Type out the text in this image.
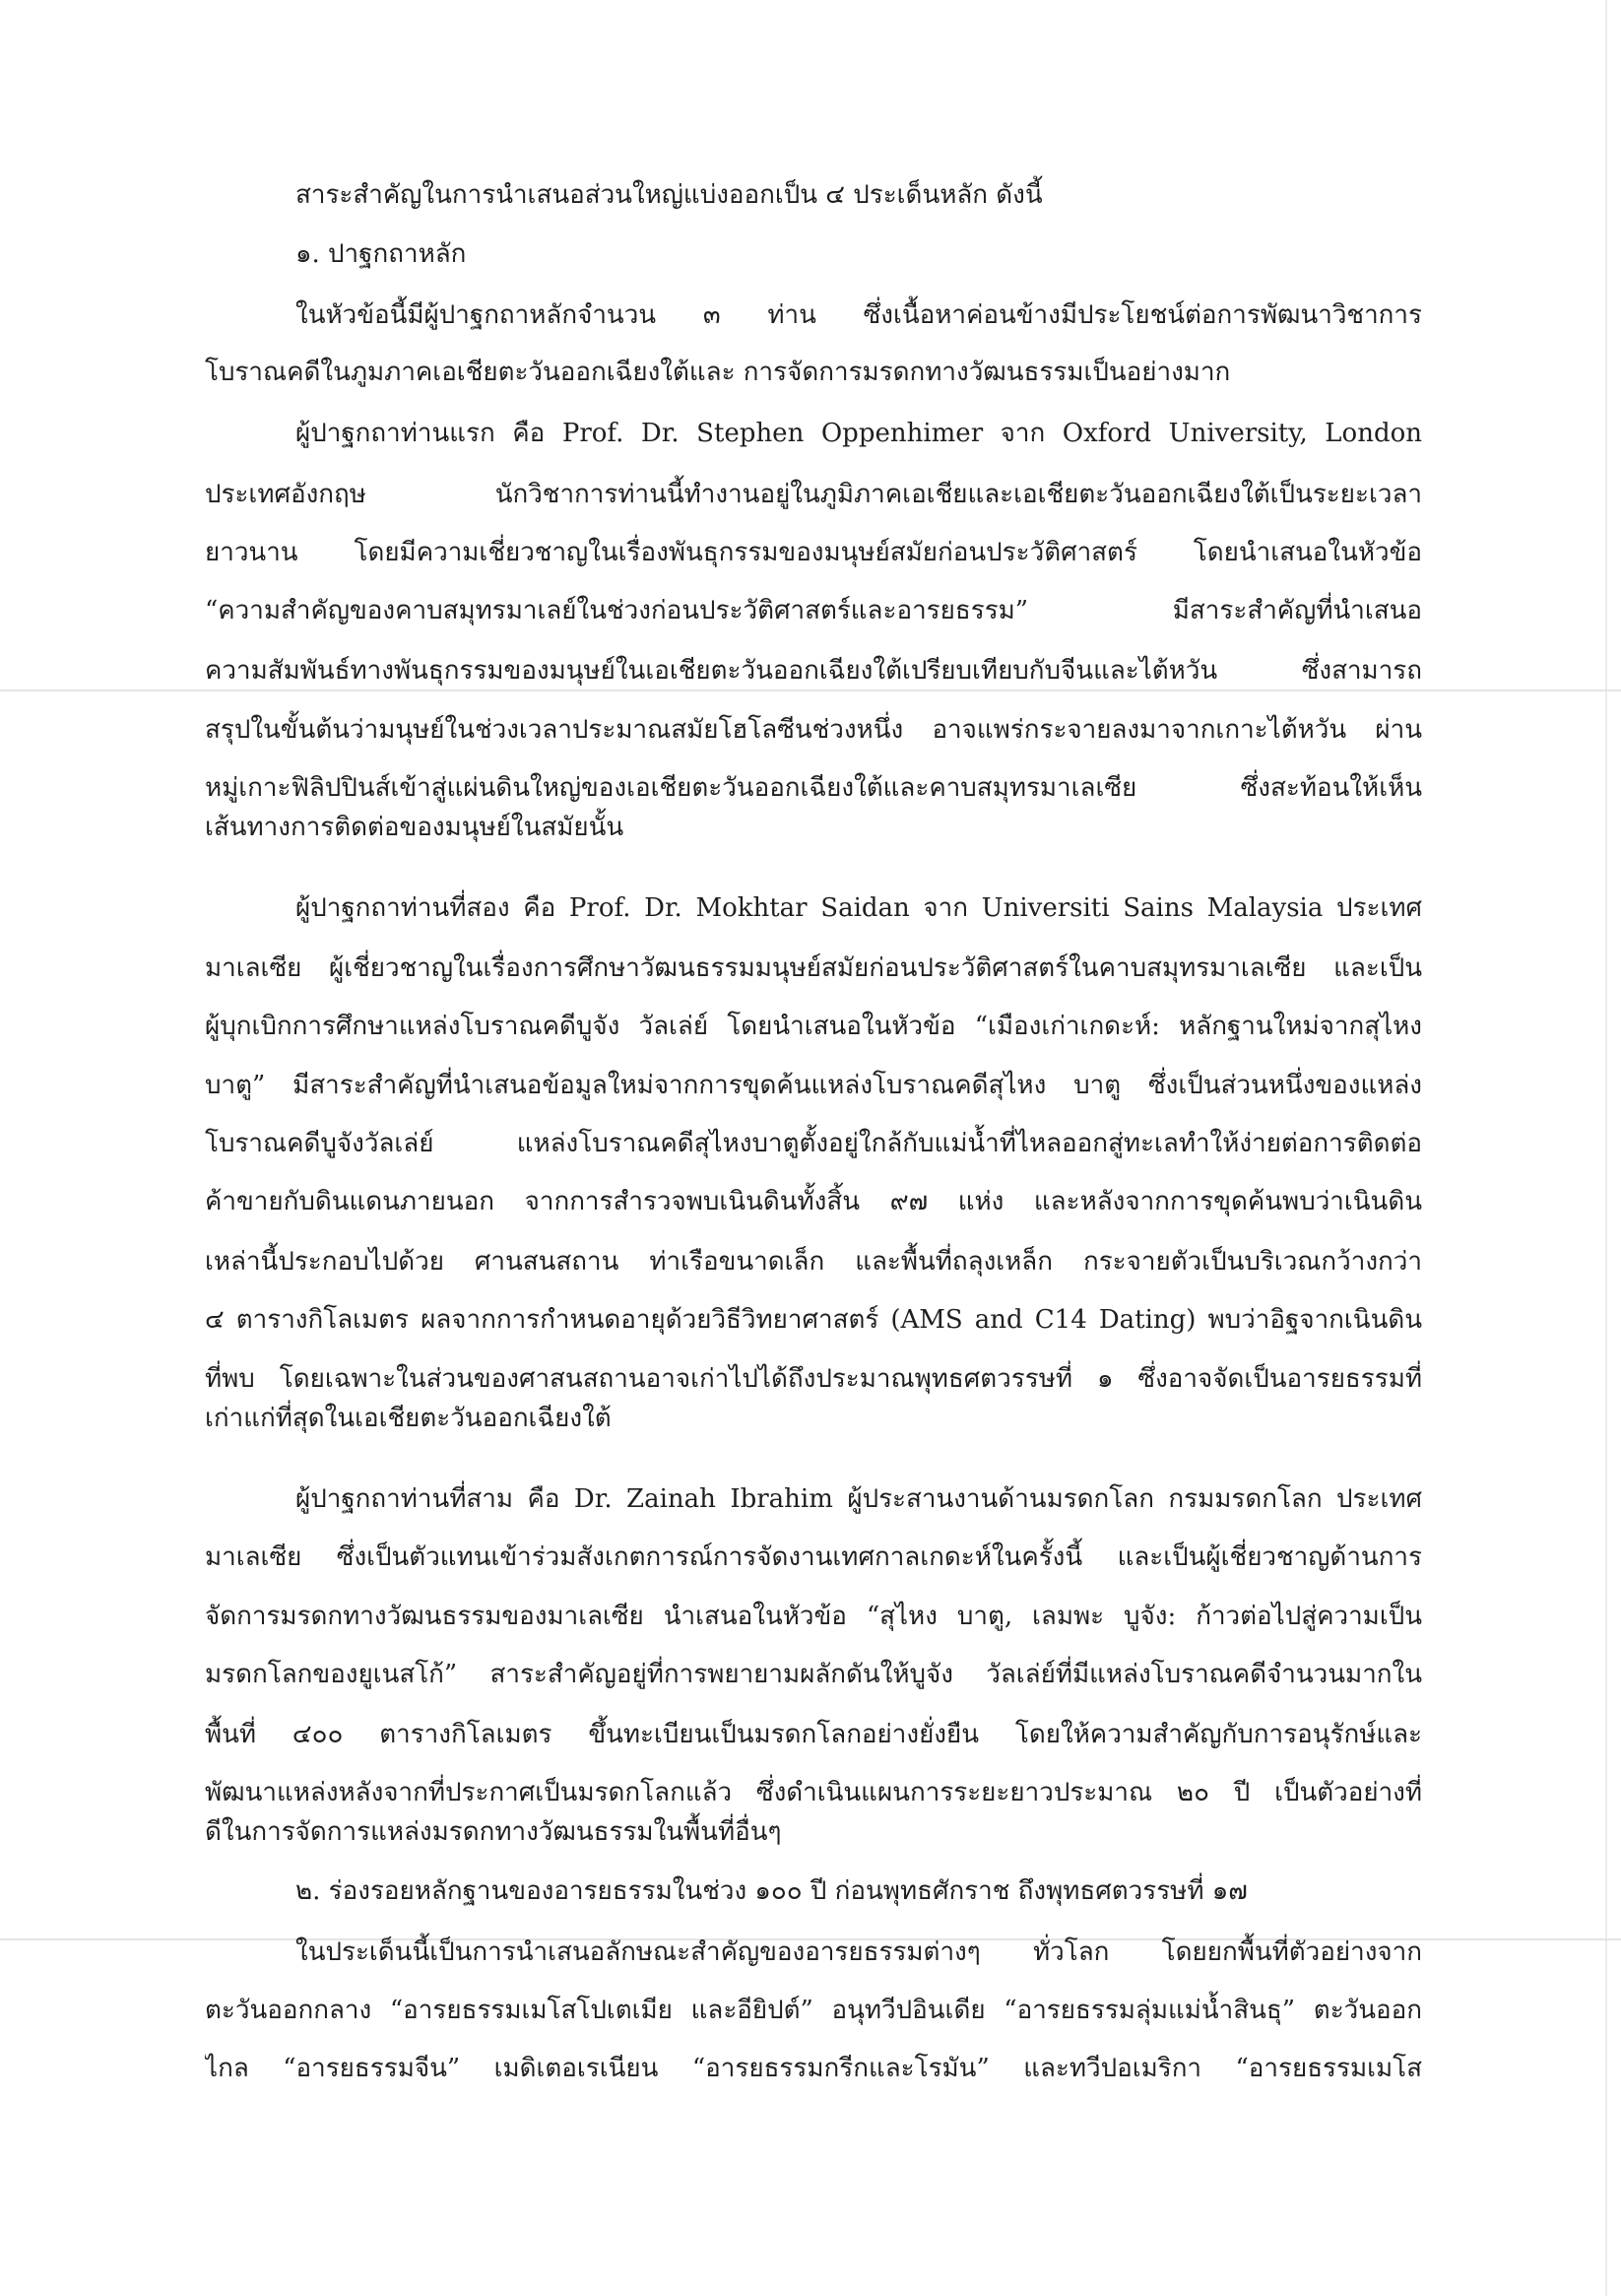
สาระสำคัญในการนำเสนอส่วนใหญ่แบ่งออกเป็น ๔ ประเด็นหลัก ดังนี้
๑. ปาฐกถาหลัก
ในหัวข้อนี้มีผู้ปาฐกถาหลักจำนวน ๓ ท่าน ซึ่งเนื้อหาค่อนข้างมีประโยชน์ต่อการพัฒนาวิชาการ
โบราณคดีในภูมภาคเอเชียตะวันออกเฉียงใต้และ การจัดการมรดกทางวัฒนธรรมเป็นอย่างมาก
ผู้ปาฐกถาท่านแรก คือ Prof. Dr. Stephen Oppenhimer จาก Oxford University, London
ประเทศอังกฤษ นักวิชาการท่านนี้ทำงานอยู่ในภูมิภาคเอเชียและเอเชียตะวันออกเฉียงใต้เป็นระยะเวลา
ยาวนาน โดยมีความเชี่ยวชาญในเรื่องพันธุกรรมของมนุษย์สมัยก่อนประวัติศาสตร์ โดยนำเสนอในหัวข้อ
“ความสำคัญของคาบสมุทรมาเลย์ในช่วงก่อนประวัติศาสตร์และอารยธรรม” มีสาระสำคัญที่นำเสนอ
ความสัมพันธ์ทางพันธุกรรมของมนุษย์ในเอเชียตะวันออกเฉียงใต้เปรียบเทียบกับจีนและไต้หวัน ซึ่งสามารถ
สรุปในขั้นต้นว่ามนุษย์ในช่วงเวลาประมาณสมัยโฮโลซีนช่วงหนึ่ง อาจแพร่กระจายลงมาจากเกาะไต้หวัน ผ่าน
หมู่เกาะฟิลิปปินส์เข้าสู่แผ่นดินใหญ่ของเอเชียตะวันออกเฉียงใต้และคาบสมุทรมาเลเซีย ซึ่งสะท้อนให้เห็น
เส้นทางการติดต่อของมนุษย์ในสมัยนั้น
ผู้ปาฐกถาท่านที่สอง คือ Prof. Dr. Mokhtar Saidan จาก Universiti Sains Malaysia ประเทศ
มาเลเซีย ผู้เชี่ยวชาญในเรื่องการศึกษาวัฒนธรรมมนุษย์สมัยก่อนประวัติศาสตร์ในคาบสมุทรมาเลเซีย และเป็น
ผู้บุกเบิกการศึกษาแหล่งโบราณคดีบูจัง วัลเล่ย์ โดยนำเสนอในหัวข้อ “เมืองเก่าเกดะห์: หลักฐานใหม่จากสุไหง
บาตู” มีสาระสำคัญที่นำเสนอข้อมูลใหม่จากการขุดค้นแหล่งโบราณคดีสุไหง บาตู ซึ่งเป็นส่วนหนึ่งของแหล่ง
โบราณคดีบูจังวัลเล่ย์ แหล่งโบราณคดีสุไหงบาตูตั้งอยู่ใกล้กับแม่น้ำที่ไหลออกสู่ทะเลทำให้ง่ายต่อการติดต่อ
ค้าขายกับดินแดนภายนอก จากการสำรวจพบเนินดินทั้งสิ้น ๙๗ แห่ง และหลังจากการขุดค้นพบว่าเนินดิน
เหล่านี้ประกอบไปด้วย ศานสนสถาน ท่าเรือขนาดเล็ก และพื้นที่ถลุงเหล็ก กระจายตัวเป็นบริเวณกว้างกว่า
๔ ตารางกิโลเมตร ผลจากการกำหนดอายุด้วยวิธีวิทยาศาสตร์ (AMS and C14 Dating) พบว่าอิฐจากเนินดิน
ที่พบ โดยเฉพาะในส่วนของศาสนสถานอาจเก่าไปได้ถึงประมาณพุทธศตวรรษที่ ๑ ซึ่งอาจจัดเป็นอารยธรรมที่
เก่าแก่ที่สุดในเอเชียตะวันออกเฉียงใต้
ผู้ปาฐกถาท่านที่สาม คือ Dr. Zainah Ibrahim ผู้ประสานงานด้านมรดกโลก กรมมรดกโลก ประเทศ
มาเลเซีย ซึ่งเป็นตัวแทนเข้าร่วมสังเกตการณ์การจัดงานเทศกาลเกดะห์ในครั้งนี้ และเป็นผู้เชี่ยวชาญด้านการ
จัดการมรดกทางวัฒนธรรมของมาเลเซีย นำเสนอในหัวข้อ “สุไหง บาตู, เลมพะ บูจัง: ก้าวต่อไปสู่ความเป็น
มรดกโลกของยูเนสโก้” สาระสำคัญอยู่ที่การพยายามผลักดันให้บูจัง วัลเล่ย์ที่มีแหล่งโบราณคดีจำนวนมากใน
พื้นที่ ๔๐๐ ตารางกิโลเมตร ขึ้นทะเบียนเป็นมรดกโลกอย่างยั่งยืน โดยให้ความสำคัญกับการอนุรักษ์และ
พัฒนาแหล่งหลังจากที่ประกาศเป็นมรดกโลกแล้ว ซึ่งดำเนินแผนการระยะยาวประมาณ ๒๐ ปี เป็นตัวอย่างที่
ดีในการจัดการแหล่งมรดกทางวัฒนธรรมในพื้นที่อื่นๆ
๒. ร่องรอยหลักฐานของอารยธรรมในช่วง ๑๐๐ ปี ก่อนพุทธศักราช ถึงพุทธศตวรรษที่ ๑๗
ในประเด็นนี้เป็นการนำเสนอลักษณะสำคัญของอารยธรรมต่างๆ ทั่วโลก โดยยกพื้นที่ตัวอย่างจาก
ตะวันออกกลาง “อารยธรรมเมโสโปเตเมีย และอียิปต์” อนุทวีปอินเดีย “อารยธรรมลุ่มแม่น้ำสินธุ” ตะวันออก
ไกล “อารยธรรมจีน” เมดิเตอเรเนียน “อารยธรรมกรีกและโรมัน” และทวีปอเมริกา “อารยธรรมเมโส
